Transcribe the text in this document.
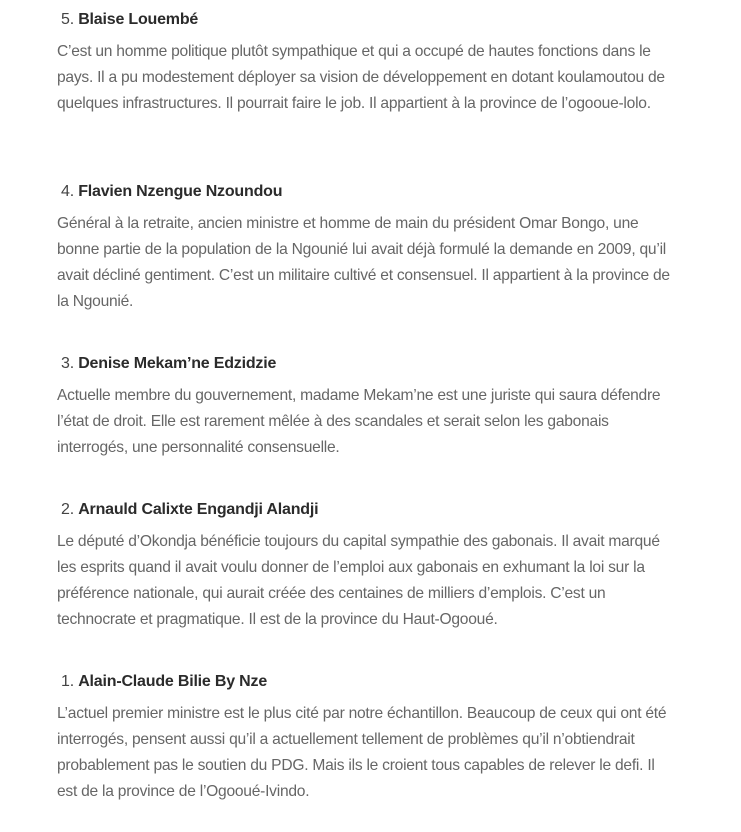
5. Blaise Louembé

C’est un homme politique plutôt sympathique et qui a occupé de hautes fonctions dans le pays. Il a pu modestement déployer sa vision de développement en dotant koulamoutou de quelques infrastructures. Il pourrait faire le job. Il appartient à la province de l’ogooue-lolo.

4. Flavien Nzengue Nzoundou

Général à la retraite, ancien ministre et homme de main du président Omar Bongo, une bonne partie de la population de la Ngounié lui avait déjà formulé la demande en 2009, qu’il avait décliné gentiment. C’est un militaire cultivé et consensuel. Il appartient à la province de la Ngounié.

3. Denise Mekam’ne Edzidzie

Actuelle membre du gouvernement, madame Mekam’ne est une juriste qui saura défendre l’état de droit. Elle est rarement mêlée à des scandales et serait selon les gabonais interrogés, une personnalité consensuelle.

2. Arnauld Calixte Engandji Alandji

Le député d’Okondja bénéficie toujours du capital sympathie des gabonais. Il avait marqué les esprits quand il avait voulu donner de l’emploi aux gabonais en exhumant la loi sur la préférence nationale, qui aurait créée des centaines de milliers d’emplois. C’est un technocrate et pragmatique. Il est de la province du Haut-Ogooué.

1. Alain-Claude Bilie By Nze

L’actuel premier ministre est le plus cité par notre échantillon. Beaucoup de ceux qui ont été interrogés, pensent aussi qu’il a actuellement tellement de problèmes qu’il n’obtiendrait probablement pas le soutien du PDG. Mais ils le croient tous capables de relever le defi. Il est de la province de l’Ogooué-Ivindo.
